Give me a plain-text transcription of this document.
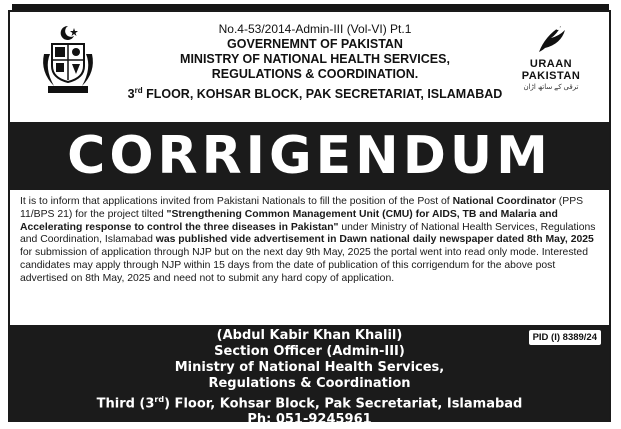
No.4-53/2014-Admin-III (Vol-VI) Pt.1
GOVERNEMNT OF PAKISTAN
MINISTRY OF NATIONAL HEALTH SERVICES,
REGULATIONS & COORDINATION.
3rd FLOOR, KOHSAR BLOCK, PAK SECRETARIAT, ISLAMABAD
URAAN
PAKISTAN
ترقی کے ساتھ اڑان
CORRIGENDUM
It is to inform that applications invited from Pakistani Nationals to fill the position of the Post of National Coordinator (PPS 11/BPS 21) for the project tilted "Strengthening Common Management Unit (CMU) for AIDS, TB and Malaria and Accelerating response to control the three diseases in Pakistan" under Ministry of National Health Services, Regulations and Coordination, Islamabad was published vide advertisement in Dawn national daily newspaper dated 8th May, 2025 for submission of application through NJP but on the next day 9th May, 2025 the portal went into read only mode. Interested candidates may apply through NJP within 15 days from the date of publication of this corrigendum for the above post advertised on 8th May, 2025 and need not to submit any hard copy of application.
PID (I) 8389/24
(Abdul Kabir Khan Khalil)
Section Officer (Admin-III)
Ministry of National Health Services,
Regulations & Coordination
Third (3rd) Floor, Kohsar Block, Pak Secretariat, Islamabad
Ph: 051-9245961
